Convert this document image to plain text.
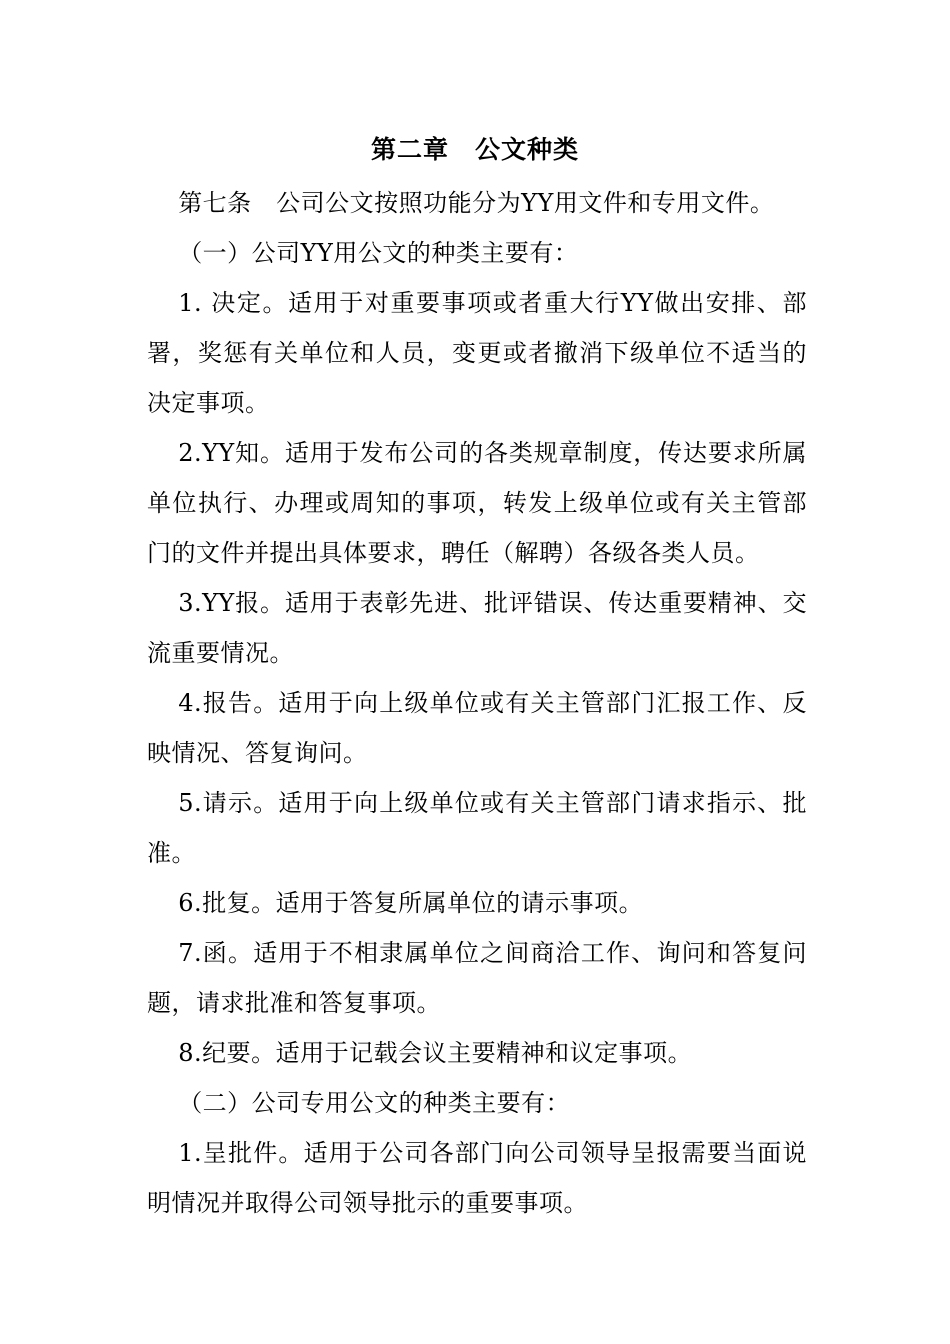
第二章　公文种类

第七条　公司公文按照功能分为YY用文件和专用文件。

（一）公司YY用公文的种类主要有：

1. 决定。适用于对重要事项或者重大行YY做出安排、部署，奖惩有关单位和人员，变更或者撤消下级单位不适当的决定事项。

2.YY知。适用于发布公司的各类规章制度，传达要求所属单位执行、办理或周知的事项，转发上级单位或有关主管部门的文件并提出具体要求，聘任（解聘）各级各类人员。

3.YY报。适用于表彰先进、批评错误、传达重要精神、交流重要情况。

4.报告。适用于向上级单位或有关主管部门汇报工作、反映情况、答复询问。

5.请示。适用于向上级单位或有关主管部门请求指示、批准。

6.批复。适用于答复所属单位的请示事项。

7.函。适用于不相隶属单位之间商洽工作、询问和答复问题，请求批准和答复事项。

8.纪要。适用于记载会议主要精神和议定事项。

（二）公司专用公文的种类主要有：

1.呈批件。适用于公司各部门向公司领导呈报需要当面说明情况并取得公司领导批示的重要事项。
